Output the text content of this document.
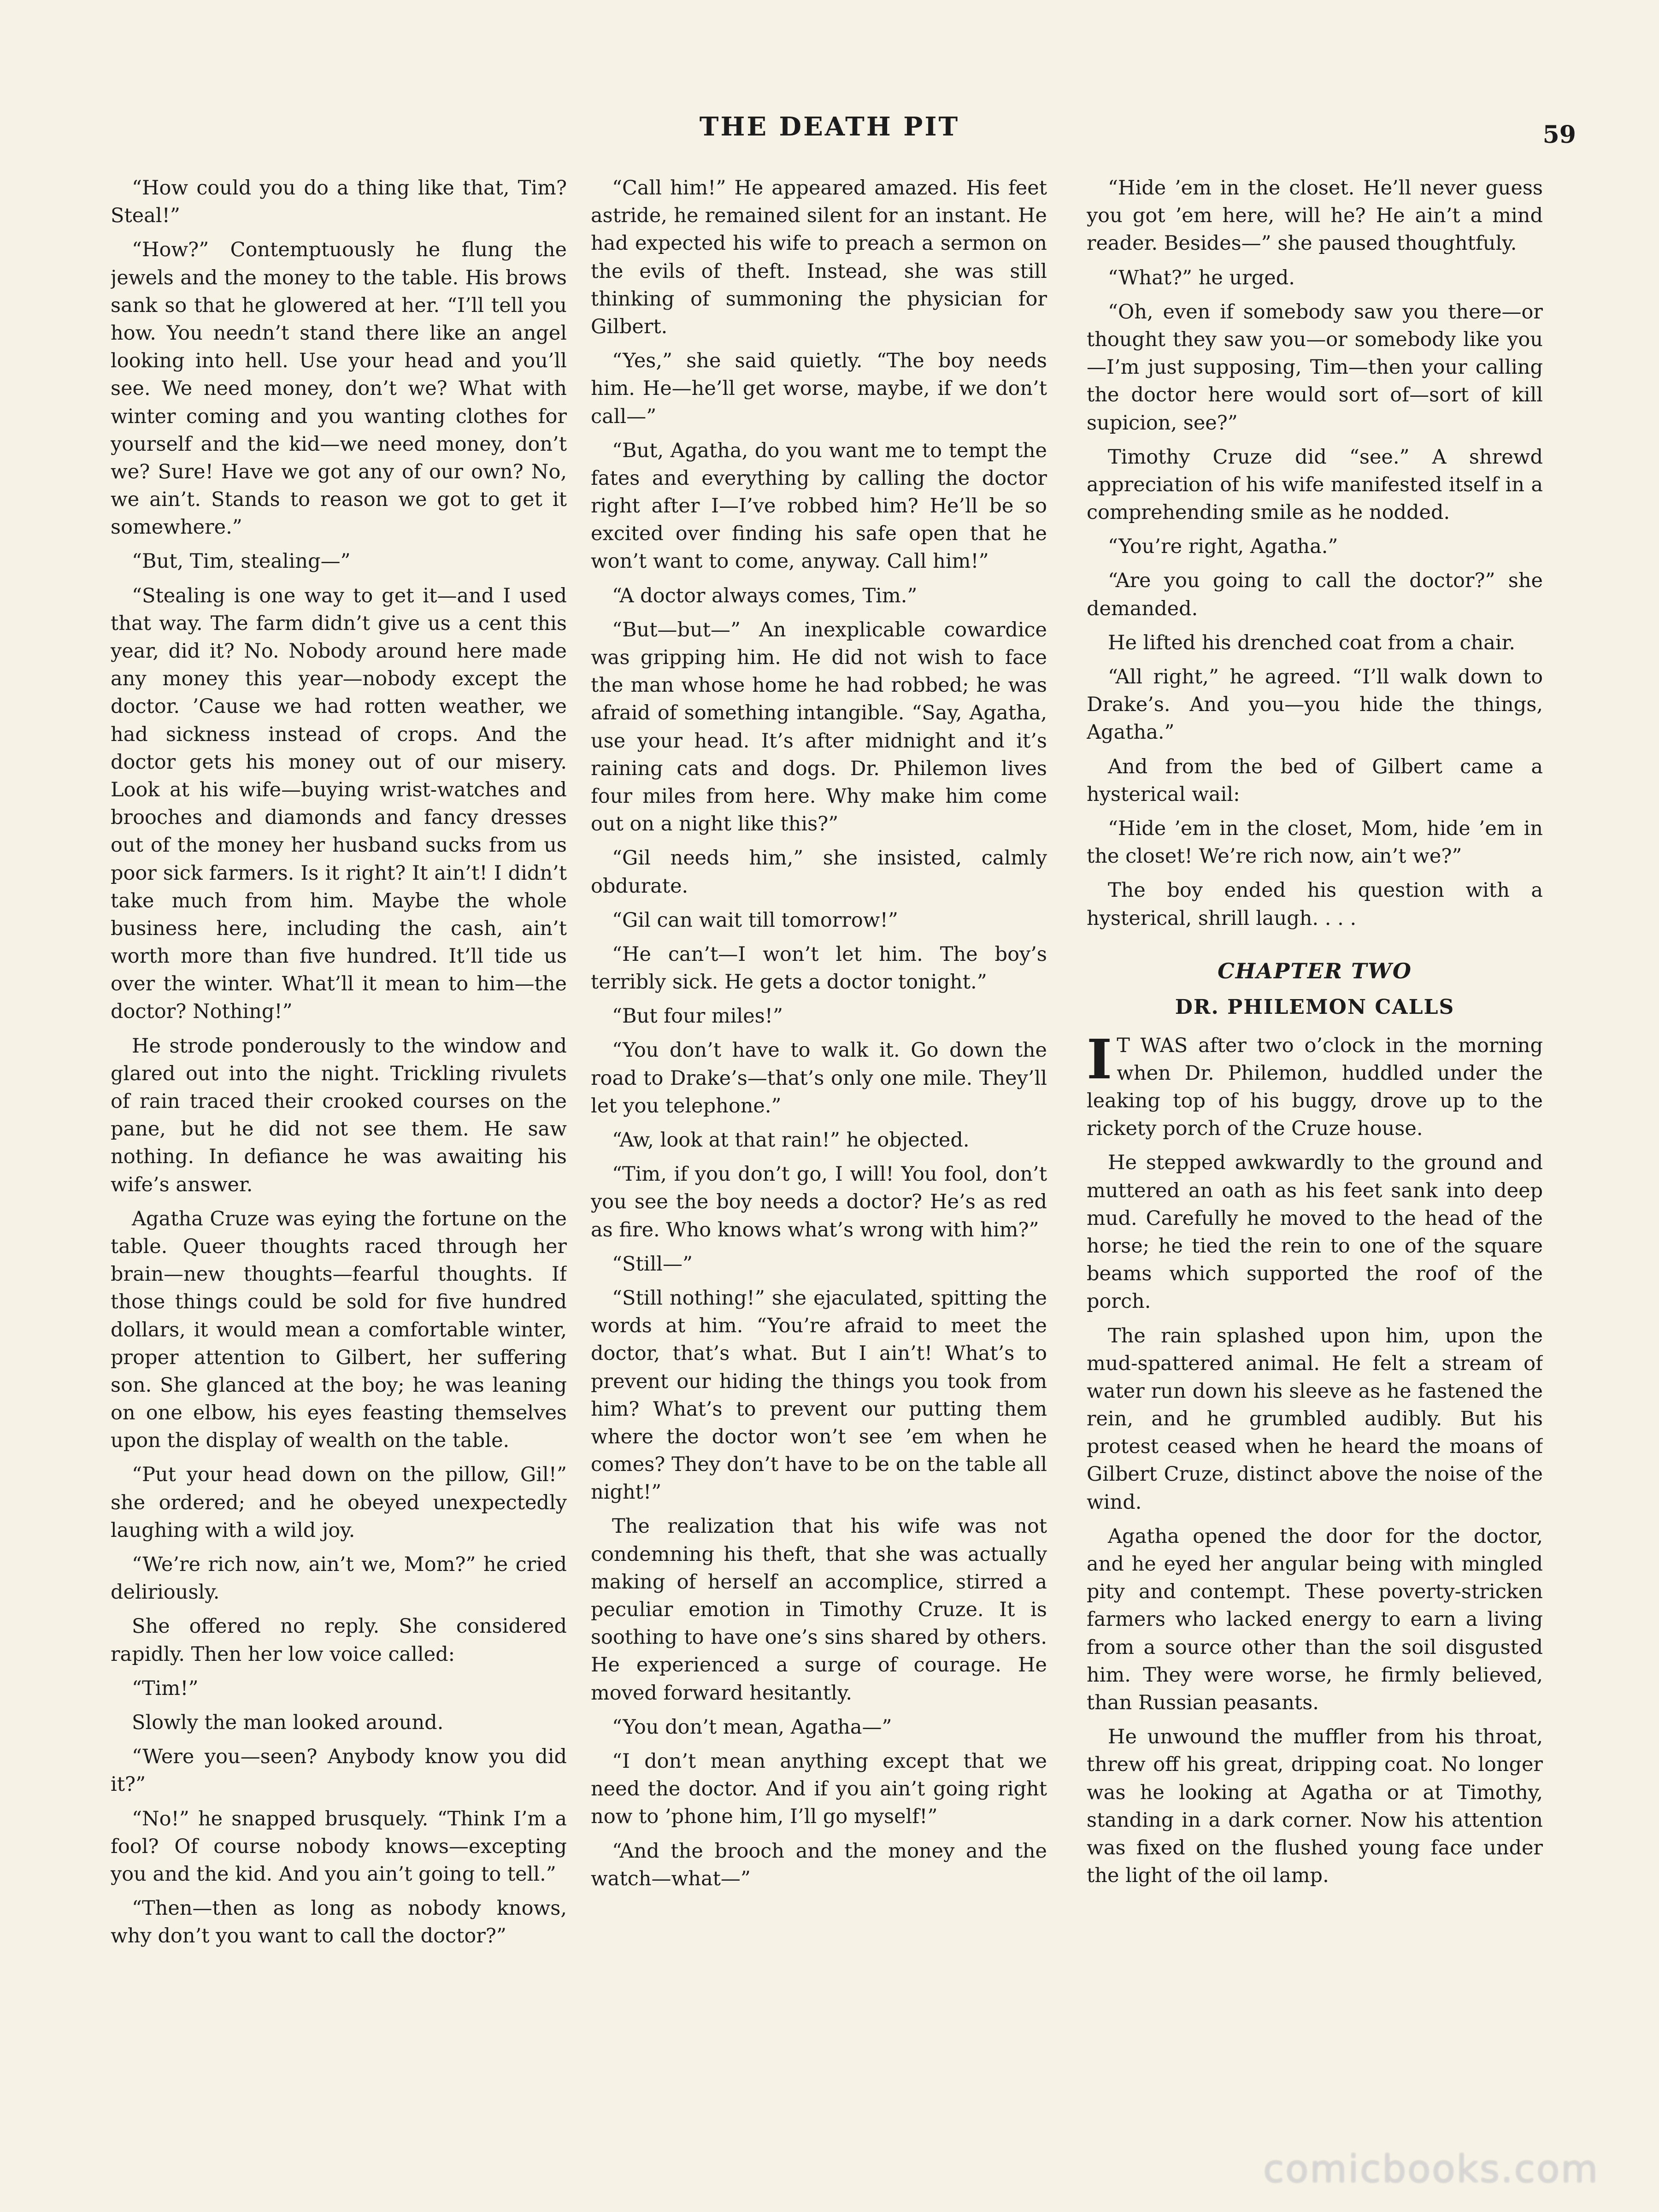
THE DEATH PIT	59

“How could you do a thing like that, Tim? Steal!”

“How?” Contemptuously he flung the jewels and the money to the table. His brows sank so that he glowered at her. “I’ll tell you how. You needn’t stand there like an angel looking into hell. Use your head and you’ll see. We need money, don’t we? What with winter coming and you wanting clothes for yourself and the kid—we need money, don’t we? Sure! Have we got any of our own? No, we ain’t. Stands to reason we got to get it somewhere.”

“But, Tim, stealing—”

“Stealing is one way to get it—and I used that way. The farm didn’t give us a cent this year, did it? No. Nobody around here made any money this year—nobody except the doctor. ’Cause we had rotten weather, we had sickness instead of crops. And the doctor gets his money out of our misery. Look at his wife—buying wrist-watches and brooches and diamonds and fancy dresses out of the money her husband sucks from us poor sick farmers. Is it right? It ain’t! I didn’t take much from him. Maybe the whole business here, including the cash, ain’t worth more than five hundred. It’ll tide us over the winter. What’ll it mean to him—the doctor? Nothing!”

He strode ponderously to the window and glared out into the night. Trickling rivulets of rain traced their crooked courses on the pane, but he did not see them. He saw nothing. In defiance he was awaiting his wife’s answer.

Agatha Cruze was eying the fortune on the table. Queer thoughts raced through her brain—new thoughts—fearful thoughts. If those things could be sold for five hundred dollars, it would mean a comfortable winter, proper attention to Gilbert, her suffering son. She glanced at the boy; he was leaning on one elbow, his eyes feasting themselves upon the display of wealth on the table.

“Put your head down on the pillow, Gil!” she ordered; and he obeyed unexpectedly laughing with a wild joy.

“We’re rich now, ain’t we, Mom?” he cried deliriously.

She offered no reply. She considered rapidly. Then her low voice called:

“Tim!”

Slowly the man looked around.

“Were you—seen? Anybody know you did it?”

“No!” he snapped brusquely. “Think I’m a fool? Of course nobody knows—excepting you and the kid. And you ain’t going to tell.”

“Then—then as long as nobody knows, why don’t you want to call the doctor?”

“Call him!” He appeared amazed. His feet astride, he remained silent for an instant. He had expected his wife to preach a sermon on the evils of theft. Instead, she was still thinking of summoning the physician for Gilbert.

“Yes,” she said quietly. “The boy needs him. He—he’ll get worse, maybe, if we don’t call—”

“But, Agatha, do you want me to tempt the fates and everything by calling the doctor right after I—I’ve robbed him? He’ll be so excited over finding his safe open that he won’t want to come, anyway. Call him!”

“A doctor always comes, Tim.”

“But—but—” An inexplicable cowardice was gripping him. He did not wish to face the man whose home he had robbed; he was afraid of something intangible. “Say, Agatha, use your head. It’s after midnight and it’s raining cats and dogs. Dr. Philemon lives four miles from here. Why make him come out on a night like this?”

“Gil needs him,” she insisted, calmly obdurate.

“Gil can wait till tomorrow!”

“He can’t—I won’t let him. The boy’s terribly sick. He gets a doctor tonight.”

“But four miles!”

“You don’t have to walk it. Go down the road to Drake’s—that’s only one mile. They’ll let you telephone.”

“Aw, look at that rain!” he objected.

“Tim, if you don’t go, I will! You fool, don’t you see the boy needs a doctor? He’s as red as fire. Who knows what’s wrong with him?”

“Still—”

“Still nothing!” she ejaculated, spitting the words at him. “You’re afraid to meet the doctor, that’s what. But I ain’t! What’s to prevent our hiding the things you took from him? What’s to prevent our putting them where the doctor won’t see ’em when he comes? They don’t have to be on the table all night!”

The realization that his wife was not condemning his theft, that she was actually making of herself an accomplice, stirred a peculiar emotion in Timothy Cruze. It is soothing to have one’s sins shared by others. He experienced a surge of courage. He moved forward hesitantly.

“You don’t mean, Agatha—”

“I don’t mean anything except that we need the doctor. And if you ain’t going right now to ’phone him, I’ll go myself!”

“And the brooch and the money and the watch—what—”

“Hide ’em in the closet. He’ll never guess you got ’em here, will he? He ain’t a mind reader. Besides—” she paused thoughtfuly.

“What?” he urged.

“Oh, even if somebody saw you there—or thought they saw you—or somebody like you—I’m just supposing, Tim—then your calling the doctor here would sort of—sort of kill supicion, see?”

Timothy Cruze did “see.” A shrewd appreciation of his wife manifested itself in a comprehending smile as he nodded.

“You’re right, Agatha.”

“Are you going to call the doctor?” she demanded.

He lifted his drenched coat from a chair.

“All right,” he agreed. “I’ll walk down to Drake’s. And you—you hide the things, Agatha.”

And from the bed of Gilbert came a hysterical wail:

“Hide ’em in the closet, Mom, hide ’em in the closet! We’re rich now, ain’t we?”

The boy ended his question with a hysterical, shrill laugh. . . .

CHAPTER TWO
DR. PHILEMON CALLS

I T WAS after two o’clock in the morning when Dr. Philemon, huddled under the leaking top of his buggy, drove up to the rickety porch of the Cruze house.

He stepped awkwardly to the ground and muttered an oath as his feet sank into deep mud. Carefully he moved to the head of the horse; he tied the rein to one of the square beams which supported the roof of the porch.

The rain splashed upon him, upon the mud-spattered animal. He felt a stream of water run down his sleeve as he fastened the rein, and he grumbled audibly. But his protest ceased when he heard the moans of Gilbert Cruze, distinct above the noise of the wind.

Agatha opened the door for the doctor, and he eyed her angular being with mingled pity and contempt. These poverty-stricken farmers who lacked energy to earn a living from a source other than the soil disgusted him. They were worse, he firmly believed, than Russian peasants.

He unwound the muffler from his throat, threw off his great, dripping coat. No longer was he looking at Agatha or at Timothy, standing in a dark corner. Now his attention was fixed on the flushed young face under the light of the oil lamp.

comicbooks.com
